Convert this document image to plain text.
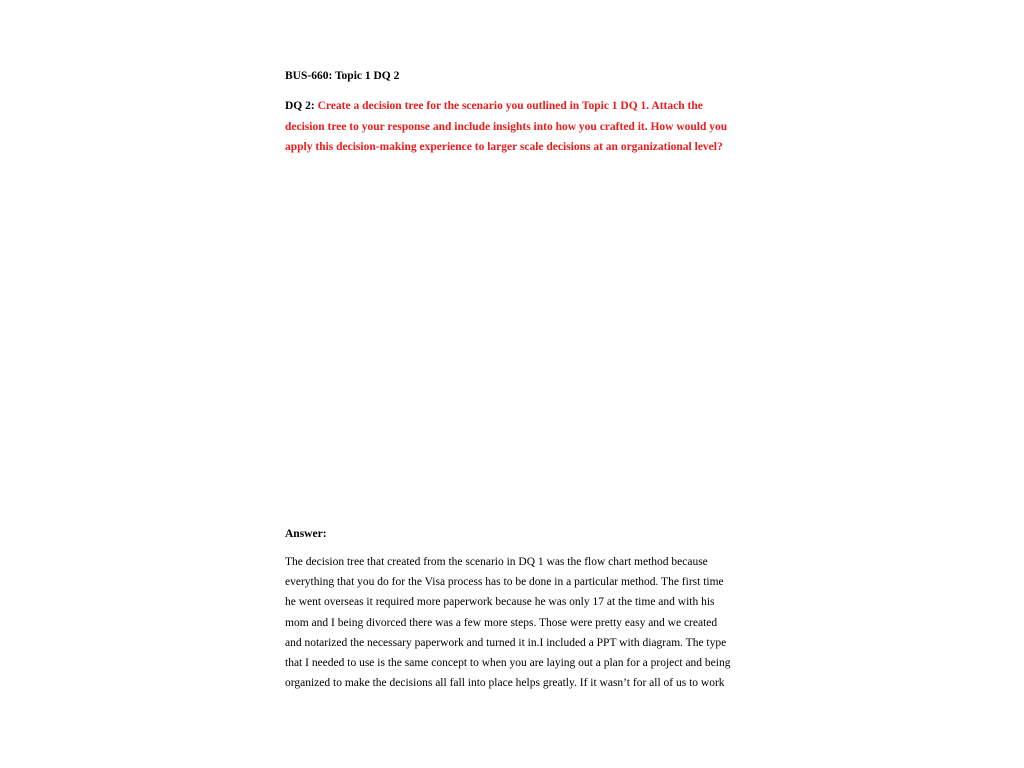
BUS-660: Topic 1 DQ 2
DQ 2: Create a decision tree for the scenario you outlined in Topic 1 DQ 1. Attach the decision tree to your response and include insights into how you crafted it. How would you apply this decision-making experience to larger scale decisions at an organizational level?
Answer:
The decision tree that created from the scenario in DQ 1 was the flow chart method because
everything that you do for the Visa process has to be done in a particular method. The first time
he went overseas it required more paperwork because he was only 17 at the time and with his
mom and I being divorced there was a few more steps. Those were pretty easy and we created
and notarized the necessary paperwork and turned it in.I included a PPT with diagram. The type
that I needed to use is the same concept to when you are laying out a plan for a project and being
organized to make the decisions all fall into place helps greatly. If it wasn’t for all of us to work
